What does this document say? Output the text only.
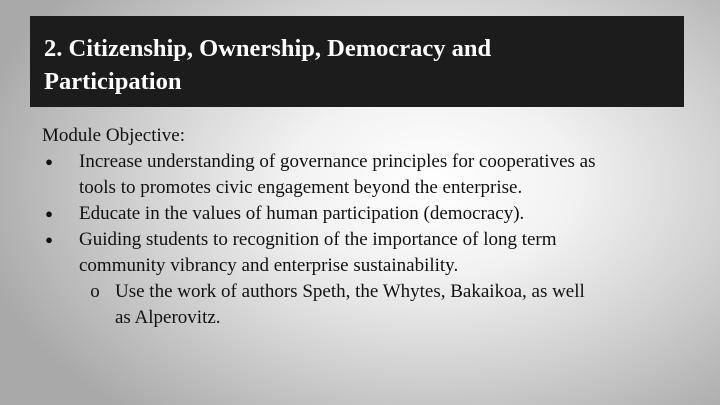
2. Citizenship, Ownership, Democracy and
Participation

Module Objective:

● Increase understanding of governance principles for cooperatives as
tools to promotes civic engagement beyond the enterprise.
● Educate in the values of human participation (democracy).
● Guiding students to recognition of the importance of long term
community vibrancy and enterprise sustainability.
o Use the work of authors Speth, the Whytes, Bakaikoa, as well
as Alperovitz.
